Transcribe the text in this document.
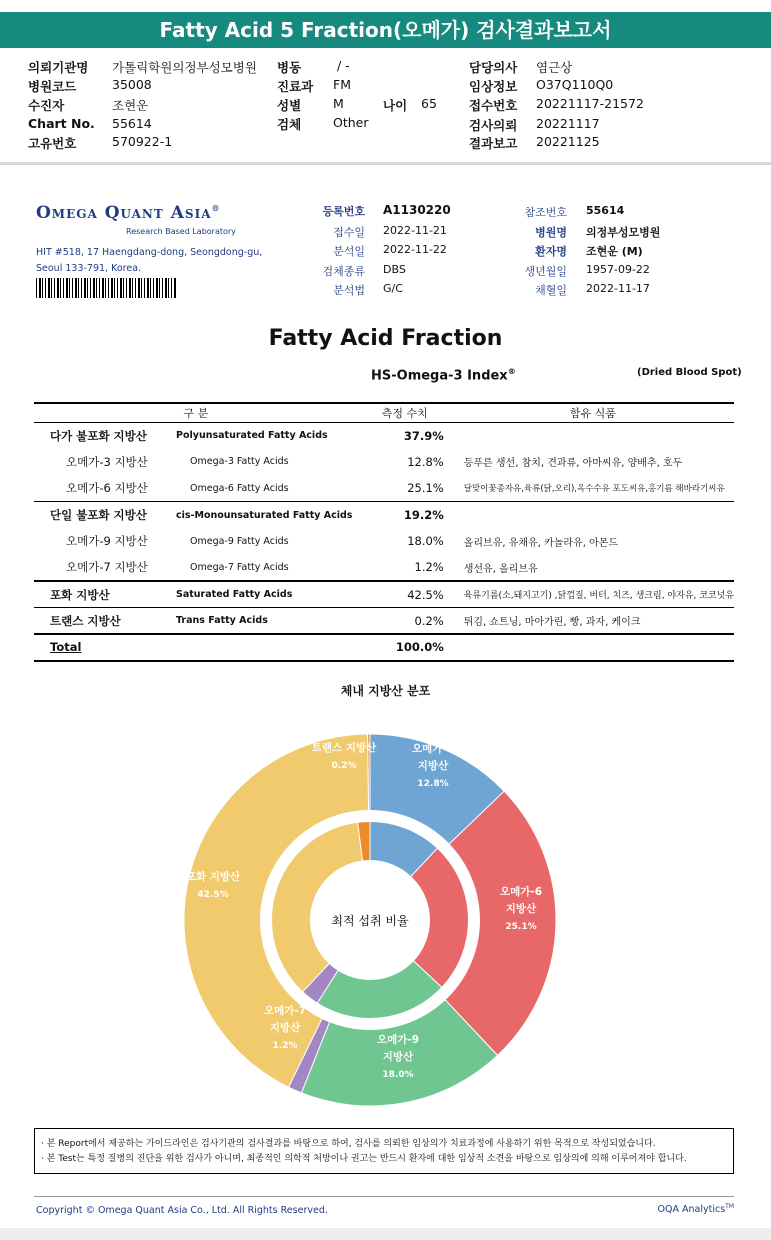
Fatty Acid 5 Fraction(오메가) 검사결과보고서
의뢰기관명 가톨릭학원의정부성모병원
병원코드	35008
수진자	조현운
Chart No. 55614
고유번호	570922-1
병동	/ -
진료과 FM
성별	M	나이 65
검체	Other
담당의사 염근상
임상정보 O37Q110Q0
접수번호 20221117-21572
검사의뢰 20221117
결과보고 20221125
Omega Quant Asia®
Research Based Laboratory
HIT #518, 17 Haengdang-dong, Seongdong-gu,
Seoul 133-791, Korea.
등록번호 A1130220
접수일 2022-11-21
분석일 2022-11-22
검체종류 DBS
분석법 G/C
참조번호 55614
병원명 의정부성모병원
환자명 조현운 (M)
생년월일 1957-09-22
채혈일 2022-11-17
Fatty Acid Fraction
HS-Omega-3 Index®	(Dried Blood Spot)
구 분		측정 수치	함유 식품
다가 불포화 지방산	Polyunsaturated Fatty Acids	37.9%	
오메가-3 지방산	Omega-3 Fatty Acids	12.8%	등푸른 생선, 참치, 견과류, 아마씨유, 양배추, 호두
오메가-6 지방산	Omega-6 Fatty Acids	25.1%	달맞이꽃종자유,육류(닭,오리),옥수수유 포도씨유,홍기름 해바라기씨유
단일 불포화 지방산	cis-Monounsaturated Fatty Acids	19.2%	
오메가-9 지방산	Omega-9 Fatty Acids	18.0%	올리브유, 유채유, 카놀라유, 아몬드
오메가-7 지방산	Omega-7 Fatty Acids	1.2%	생선유, 올리브유
포화 지방산	Saturated Fatty Acids	42.5%	육류기름(소,돼지고기) ,닭껍질, 버터, 치즈, 생크림, 야자유, 코코넛유
트랜스 지방산	Trans Fatty Acids	0.2%	튀김, 쇼트닝, 마아가린, 빵, 과자, 케이크
Total		100.0%	
체내 지방산 분포
최적 섭취 비율
오메가-3
지방산
12.8%
오메가-6
지방산
25.1%
오메가-9
지방산
18.0%
오메가-7
지방산
1.2%
포화 지방산
42.5%
트랜스 지방산
0.2%
· 본 Report에서 제공하는 가이드라인은 검사기관의 검사결과를 바탕으로 하여, 검사를 의뢰한 임상의가 치료과정에 사용하기 위한 목적으로 작성되었습니다.
· 본 Test는 특정 질병의 진단을 위한 검사가 아니며, 최종적인 의학적 처방이나 권고는 반드시 환자에 대한 임상적 소견을 바탕으로 임상의에 의해 이루어져야 합니다.
Copyright © Omega Quant Asia Co., Ltd. All Rights Reserved.	OQA Analytics™
